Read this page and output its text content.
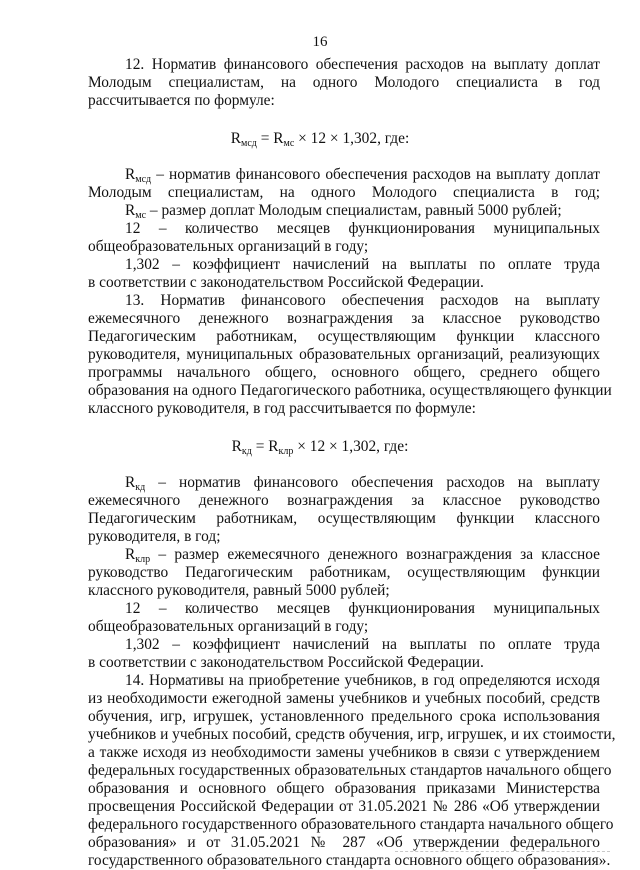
16
12. Норматив финансового обеспечения расходов на выплату доплат
Молодым специалистам, на одного Молодого специалиста в год
рассчитывается по формуле:
$R_{мсд} = R_{мс} \times 12 \times 1,302$, где:
$R_{мсд}$ – норматив финансового обеспечения расходов на выплату доплат
Молодым специалистам, на одного Молодого специалиста в год;
$R_{мс}$ – размер доплат Молодым специалистам, равный 5000 рублей;
12 – количество месяцев функционирования муниципальных
общеобразовательных организаций в году;
1,302 – коэффициент начислений на выплаты по оплате труда
в соответствии с законодательством Российской Федерации.
13. Норматив финансового обеспечения расходов на выплату
ежемесячного денежного вознаграждения за классное руководство
Педагогическим работникам, осуществляющим функции классного
руководителя, муниципальных образовательных организаций, реализующих
программы начального общего, основного общего, среднего общего
образования на одного Педагогического работника, осуществляющего функции
классного руководителя, в год рассчитывается по формуле:
$R_{кд} = R_{клр} \times 12 \times 1,302$, где:
$R_{кд}$ – норматив финансового обеспечения расходов на выплату
ежемесячного денежного вознаграждения за классное руководство
Педагогическим работникам, осуществляющим функции классного
руководителя, в год;
$R_{клр}$ – размер ежемесячного денежного вознаграждения за классное
руководство Педагогическим работникам, осуществляющим функции
классного руководителя, равный 5000 рублей;
12 – количество месяцев функционирования муниципальных
общеобразовательных организаций в году;
1,302 – коэффициент начислений на выплаты по оплате труда
в соответствии с законодательством Российской Федерации.
14. Нормативы на приобретение учебников, в год определяются исходя
из необходимости ежегодной замены учебников и учебных пособий, средств
обучения, игр, игрушек, установленного предельного срока использования
учебников и учебных пособий, средств обучения, игр, игрушек, и их стоимости,
а также исходя из необходимости замены учебников в связи с утверждением
федеральных государственных образовательных стандартов начального общего
образования и основного общего образования приказами Министерства
просвещения Российской Федерации от 31.05.2021 № 286 «Об утверждении
федерального государственного образовательного стандарта начального общего
образования» и от 31.05.2021 № 287 «Об утверждении федерального
государственного образовательного стандарта основного общего образования».
